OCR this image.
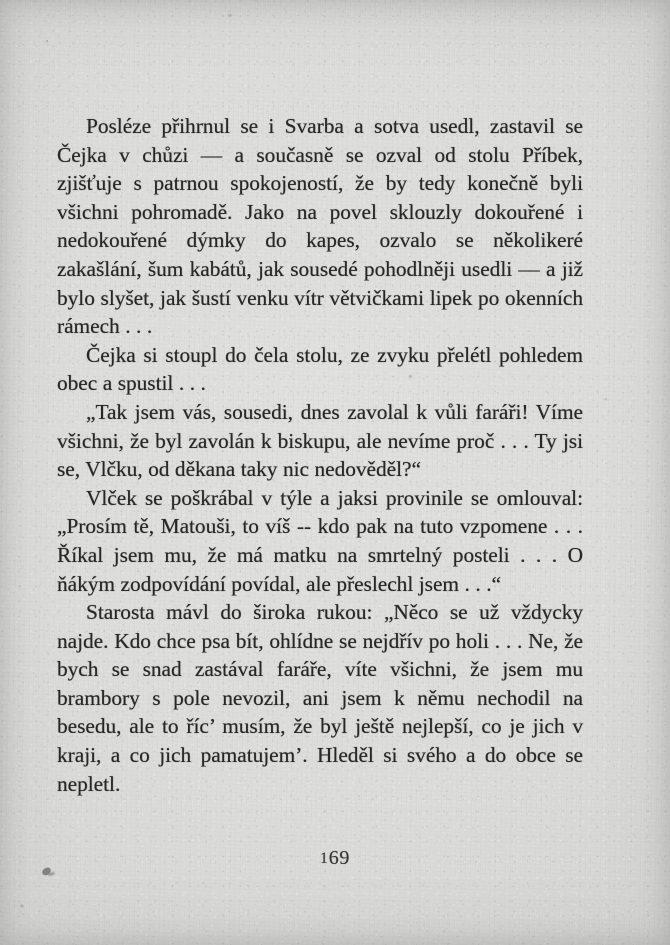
Posléze přihrnul se i Svarba a sotva usedl, zastavil se Čejka v chůzi — a současně se ozval od stolu Příbek, zjišťuje s patrnou spokojeností, že by tedy konečně byli všichni pohromadě. Jako na povel sklouzly dokouřené i nedokouřené dýmky do kapes, ozvalo se několikeré zakašlání, šum kabátů, jak sousedé pohodlněji usedli — a již bylo slyšet, jak šustí venku vítr větvičkami lipek po okenních rámech . . .

Čejka si stoupl do čela stolu, ze zvyku přelétl pohledem obec a spustil . . .

„Tak jsem vás, sousedi, dnes zavolal k vůli faráři! Víme všichni, že byl zavolán k biskupu, ale nevíme proč . . . Ty jsi se, Vlčku, od děkana taky nic nedověděl?“

Vlček se poškrábal v týle a jaksi provinile se omlouval: „Prosím tě, Matouši, to víš -- kdo pak na tuto vzpomene . . . Říkal jsem mu, že má matku na smrtelný posteli . . . O ňákým zodpovídání povídal, ale přeslechl jsem . . .“

Starosta mávl do široka rukou: „Něco se už vždycky najde. Kdo chce psa bít, ohlídne se nejdřív po holi . . . Ne, že bych se snad zastával faráře, víte všichni, že jsem mu brambory s pole nevozil, ani jsem k němu nechodil na besedu, ale to říc’ musím, že byl ještě nejlepší, co je jich v kraji, a co jich pamatujem’. Hleděl si svého a do obce se nepletl.

169
